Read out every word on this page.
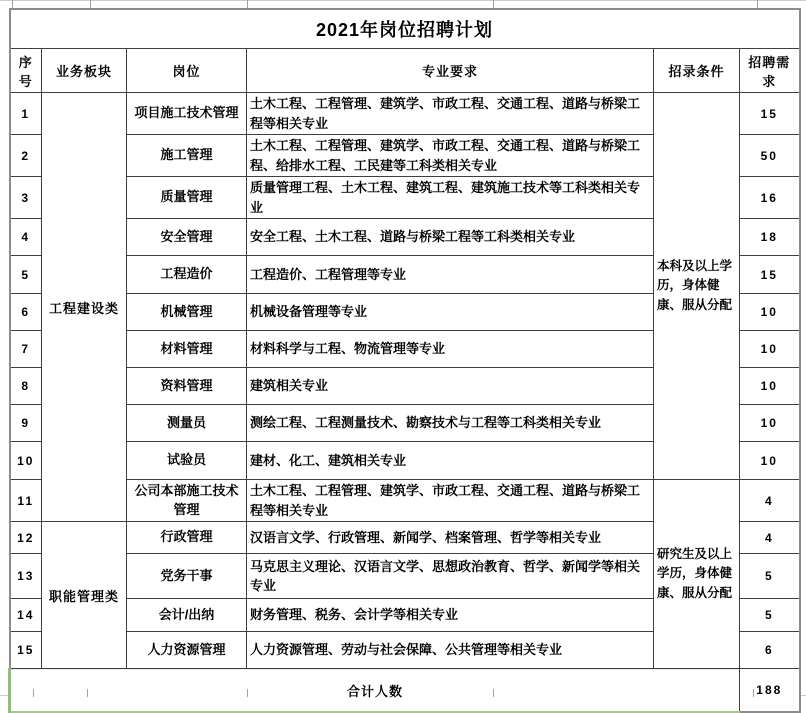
2021年岗位招聘计划					
序号	业务板块	岗位	专业要求	招录条件	招聘需求
1	工程建设类	项目施工技术管理	土木工程、工程管理、建筑学、市政工程、交通工程、道路与桥梁工程等相关专业	本科及以上学历，身体健康、服从分配	15
2		施工管理	土木工程、工程管理、建筑学、市政工程、交通工程、道路与桥梁工程、给排水工程、工民建等工科类相关专业		50
3		质量管理	质量管理工程、土木工程、建筑工程、建筑施工技术等工科类相关专业		16
4		安全管理	安全工程、土木工程、道路与桥梁工程等工科类相关专业		18
5		工程造价	工程造价、工程管理等专业		15
6		机械管理	机械设备管理等专业		10
7		材料管理	材料科学与工程、物流管理等专业		10
8		资料管理	建筑相关专业		10
9		测量员	测绘工程、工程测量技术、勘察技术与工程等工科类相关专业		10
10		试验员	建材、化工、建筑相关专业		10
11		公司本部施工技术管理	土木工程、工程管理、建筑学、市政工程、交通工程、道路与桥梁工程等相关专业	研究生及以上学历，身体健康、服从分配	4
12	职能管理类	行政管理	汉语言文学、行政管理、新闻学、档案管理、哲学等相关专业		4
13		党务干事	马克思主义理论、汉语言文学、思想政治教育、哲学、新闻学等相关专业		5
14		会计/出纳	财务管理、税务、会计学等相关专业		5
15		人力资源管理	人力资源管理、劳动与社会保障、公共管理等相关专业		6
合计人数					188
